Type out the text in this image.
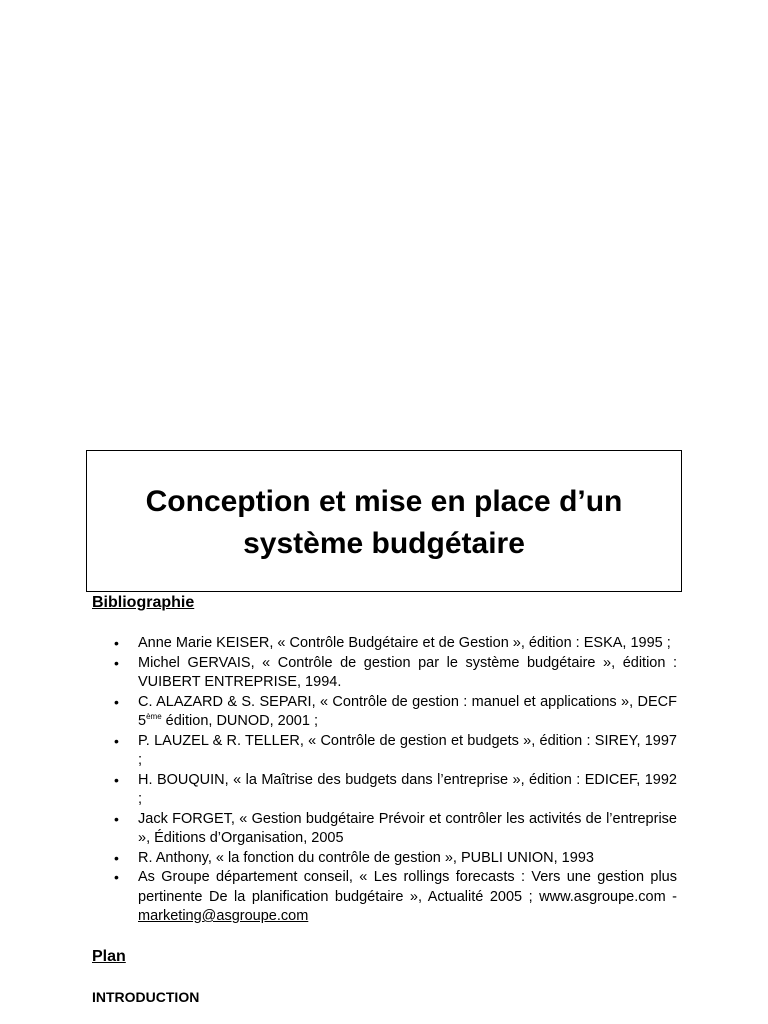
Conception et mise en place d’un
système budgétaire
Bibliographie
• Anne Marie KEISER, « Contrôle Budgétaire et de Gestion », édition : ESKA, 1995 ;
• Michel GERVAIS, « Contrôle de gestion par le système budgétaire », édition : VUIBERT ENTREPRISE, 1994.
• C. ALAZARD & S. SEPARI, « Contrôle de gestion : manuel et applications », DECF 5ème édition, DUNOD, 2001 ;
• P. LAUZEL & R. TELLER, « Contrôle de gestion et budgets », édition : SIREY, 1997 ;
• H. BOUQUIN, « la Maîtrise des budgets dans l’entreprise », édition : EDICEF, 1992 ;
• Jack FORGET, « Gestion budgétaire Prévoir et contrôler les activités de l’entreprise », Éditions d’Organisation, 2005
• R. Anthony, « la fonction du contrôle de gestion », PUBLI UNION, 1993
• As Groupe département conseil, « Les rollings forecasts : Vers une gestion plus pertinente De la planification budgétaire », Actualité 2005 ; www.asgroupe.com - marketing@asgroupe.com
Plan
INTRODUCTION
